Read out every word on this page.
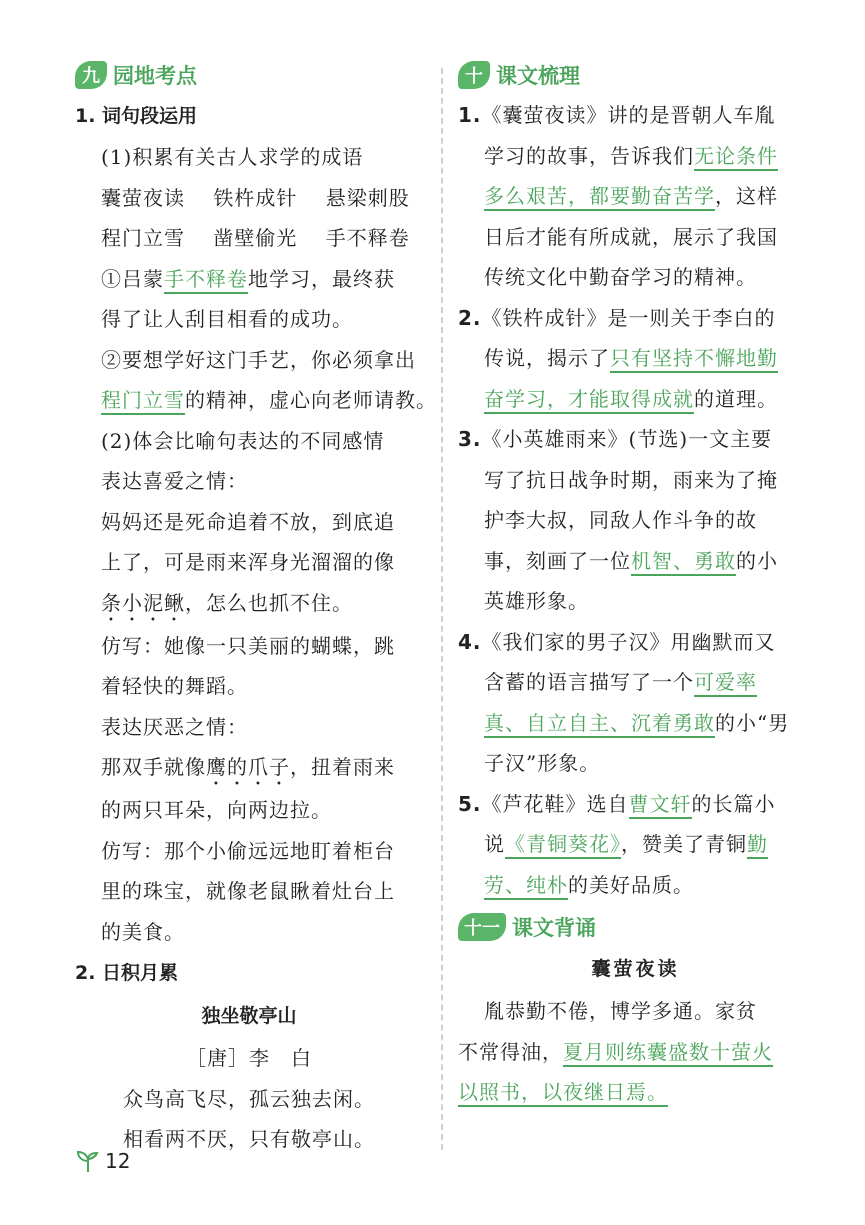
九 园地考点
1. 词句段运用
(1)积累有关古人求学的成语
囊萤夜读　 铁杵成针　 悬梁刺股
程门立雪　 凿壁偷光　 手不释卷
①吕蒙手不释卷地学习，最终获
得了让人刮目相看的成功。
②要想学好这门手艺，你必须拿出
程门立雪的精神，虚心向老师请教。
(2)体会比喻句表达的不同感情
表达喜爱之情：
妈妈还是死命追着不放，到底追
上了，可是雨来浑身光溜溜的像
条小泥鳅，怎么也抓不住。
仿写：她像一只美丽的蝴蝶，跳
着轻快的舞蹈。
表达厌恶之情：
那双手就像鹰的爪子，扭着雨来
的两只耳朵，向两边拉。
仿写：那个小偷远远地盯着柜台
里的珠宝，就像老鼠瞅着灶台上
的美食。
2. 日积月累
独坐敬亭山
［唐］李　白
众鸟高飞尽，孤云独去闲。
相看两不厌，只有敬亭山。
十 课文梳理
1.《囊萤夜读》讲的是晋朝人车胤
学习的故事，告诉我们无论条件
多么艰苦，都要勤奋苦学，这样
日后才能有所成就，展示了我国
传统文化中勤奋学习的精神。
2.《铁杵成针》是一则关于李白的
传说，揭示了只有坚持不懈地勤
奋学习，才能取得成就的道理。
3.《小英雄雨来》(节选)一文主要
写了抗日战争时期，雨来为了掩
护李大叔，同敌人作斗争的故
事，刻画了一位机智、勇敢的小
英雄形象。
4.《我们家的男子汉》用幽默而又
含蓄的语言描写了一个可爱率
真、自立自主、沉着勇敢的小“男
子汉”形象。
5.《芦花鞋》选自曹文轩的长篇小
说《青铜葵花》，赞美了青铜勤
劳、纯朴的美好品质。
十一 课文背诵
囊萤夜读
胤恭勤不倦，博学多通。家贫
不常得油，夏月则练囊盛数十萤火
以照书，以夜继日焉。
12
